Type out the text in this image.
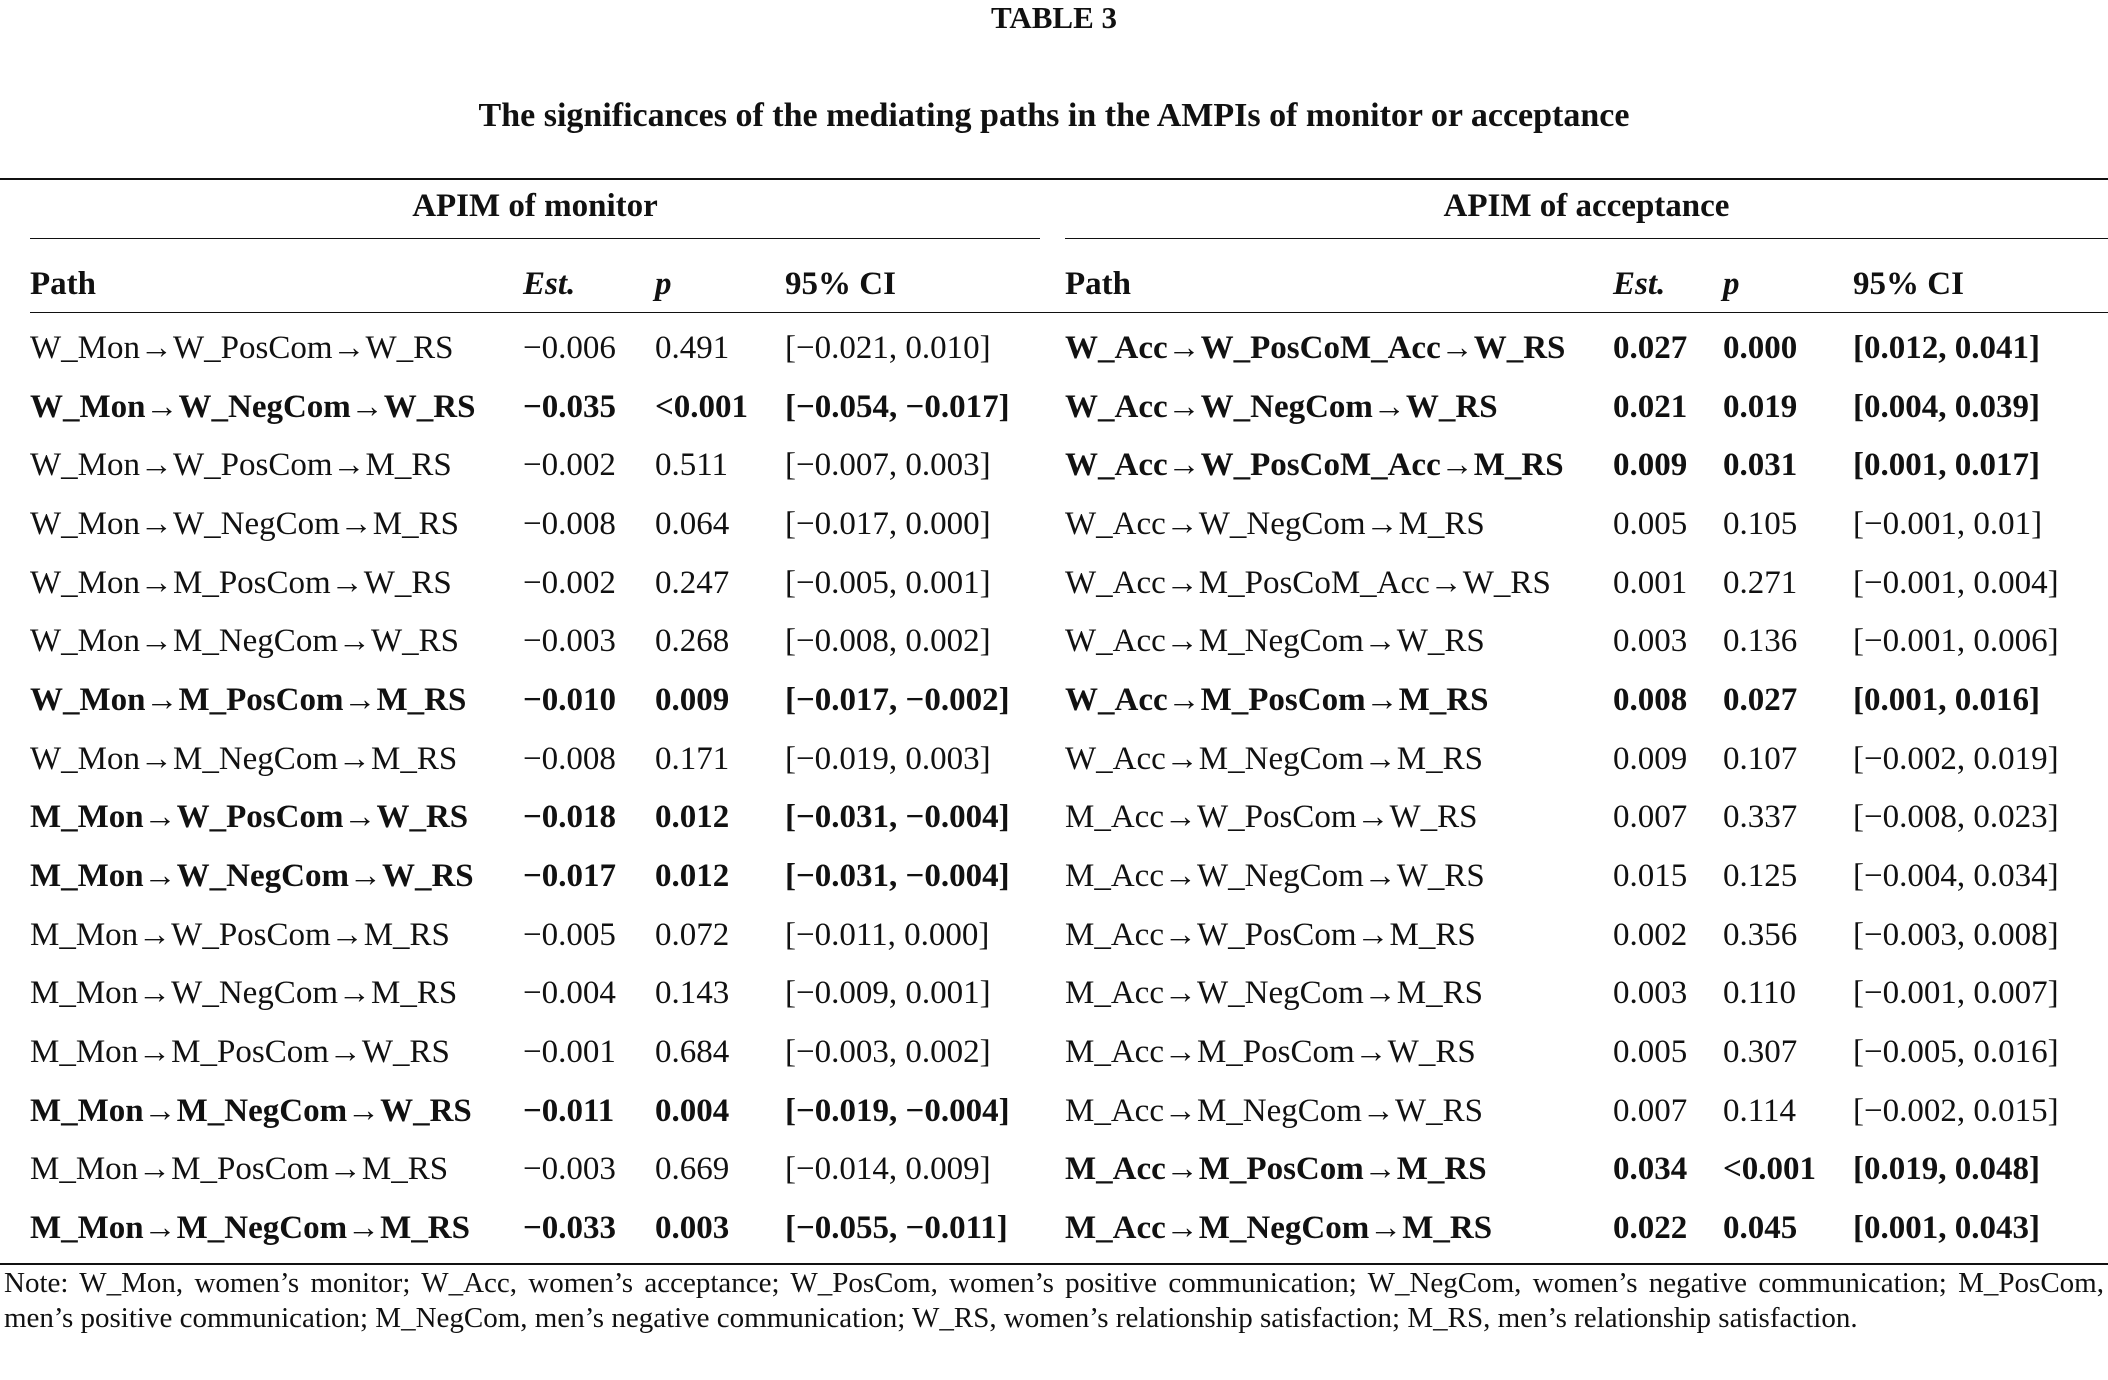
TABLE 3
The significances of the mediating paths in the AMPIs of monitor or acceptance
APIM of monitor	APIM of acceptance
Path	Est.	p	95% CI	Path	Est.	p	95% CI
W_Mon→W_PosCom→W_RS	−0.006	0.491	[−0.021, 0.010]	W_Acc→W_PosCoM_Acc→W_RS	0.027	0.000	[0.012, 0.041]
W_Mon→W_NegCom→W_RS	−0.035	<0.001	[−0.054, −0.017]	W_Acc→W_NegCom→W_RS	0.021	0.019	[0.004, 0.039]
W_Mon→W_PosCom→M_RS	−0.002	0.511	[−0.007, 0.003]	W_Acc→W_PosCoM_Acc→M_RS	0.009	0.031	[0.001, 0.017]
W_Mon→W_NegCom→M_RS	−0.008	0.064	[−0.017, 0.000]	W_Acc→W_NegCom→M_RS	0.005	0.105	[−0.001, 0.01]
W_Mon→M_PosCom→W_RS	−0.002	0.247	[−0.005, 0.001]	W_Acc→M_PosCoM_Acc→W_RS	0.001	0.271	[−0.001, 0.004]
W_Mon→M_NegCom→W_RS	−0.003	0.268	[−0.008, 0.002]	W_Acc→M_NegCom→W_RS	0.003	0.136	[−0.001, 0.006]
W_Mon→M_PosCom→M_RS	−0.010	0.009	[−0.017, −0.002]	W_Acc→M_PosCom→M_RS	0.008	0.027	[0.001, 0.016]
W_Mon→M_NegCom→M_RS	−0.008	0.171	[−0.019, 0.003]	W_Acc→M_NegCom→M_RS	0.009	0.107	[−0.002, 0.019]
M_Mon→W_PosCom→W_RS	−0.018	0.012	[−0.031, −0.004]	M_Acc→W_PosCom→W_RS	0.007	0.337	[−0.008, 0.023]
M_Mon→W_NegCom→W_RS	−0.017	0.012	[−0.031, −0.004]	M_Acc→W_NegCom→W_RS	0.015	0.125	[−0.004, 0.034]
M_Mon→W_PosCom→M_RS	−0.005	0.072	[−0.011, 0.000]	M_Acc→W_PosCom→M_RS	0.002	0.356	[−0.003, 0.008]
M_Mon→W_NegCom→M_RS	−0.004	0.143	[−0.009, 0.001]	M_Acc→W_NegCom→M_RS	0.003	0.110	[−0.001, 0.007]
M_Mon→M_PosCom→W_RS	−0.001	0.684	[−0.003, 0.002]	M_Acc→M_PosCom→W_RS	0.005	0.307	[−0.005, 0.016]
M_Mon→M_NegCom→W_RS	−0.011	0.004	[−0.019, −0.004]	M_Acc→M_NegCom→W_RS	0.007	0.114	[−0.002, 0.015]
M_Mon→M_PosCom→M_RS	−0.003	0.669	[−0.014, 0.009]	M_Acc→M_PosCom→M_RS	0.034	<0.001	[0.019, 0.048]
M_Mon→M_NegCom→M_RS	−0.033	0.003	[−0.055, −0.011]	M_Acc→M_NegCom→M_RS	0.022	0.045	[0.001, 0.043]
Note: W_Mon, women’s monitor; W_Acc, women’s acceptance; W_PosCom, women’s positive communication; W_NegCom, women’s negative communication; M_PosCom, men’s positive communication; M_NegCom, men’s negative communication; W_RS, women’s relationship satisfaction; M_RS, men’s relationship satisfaction.
